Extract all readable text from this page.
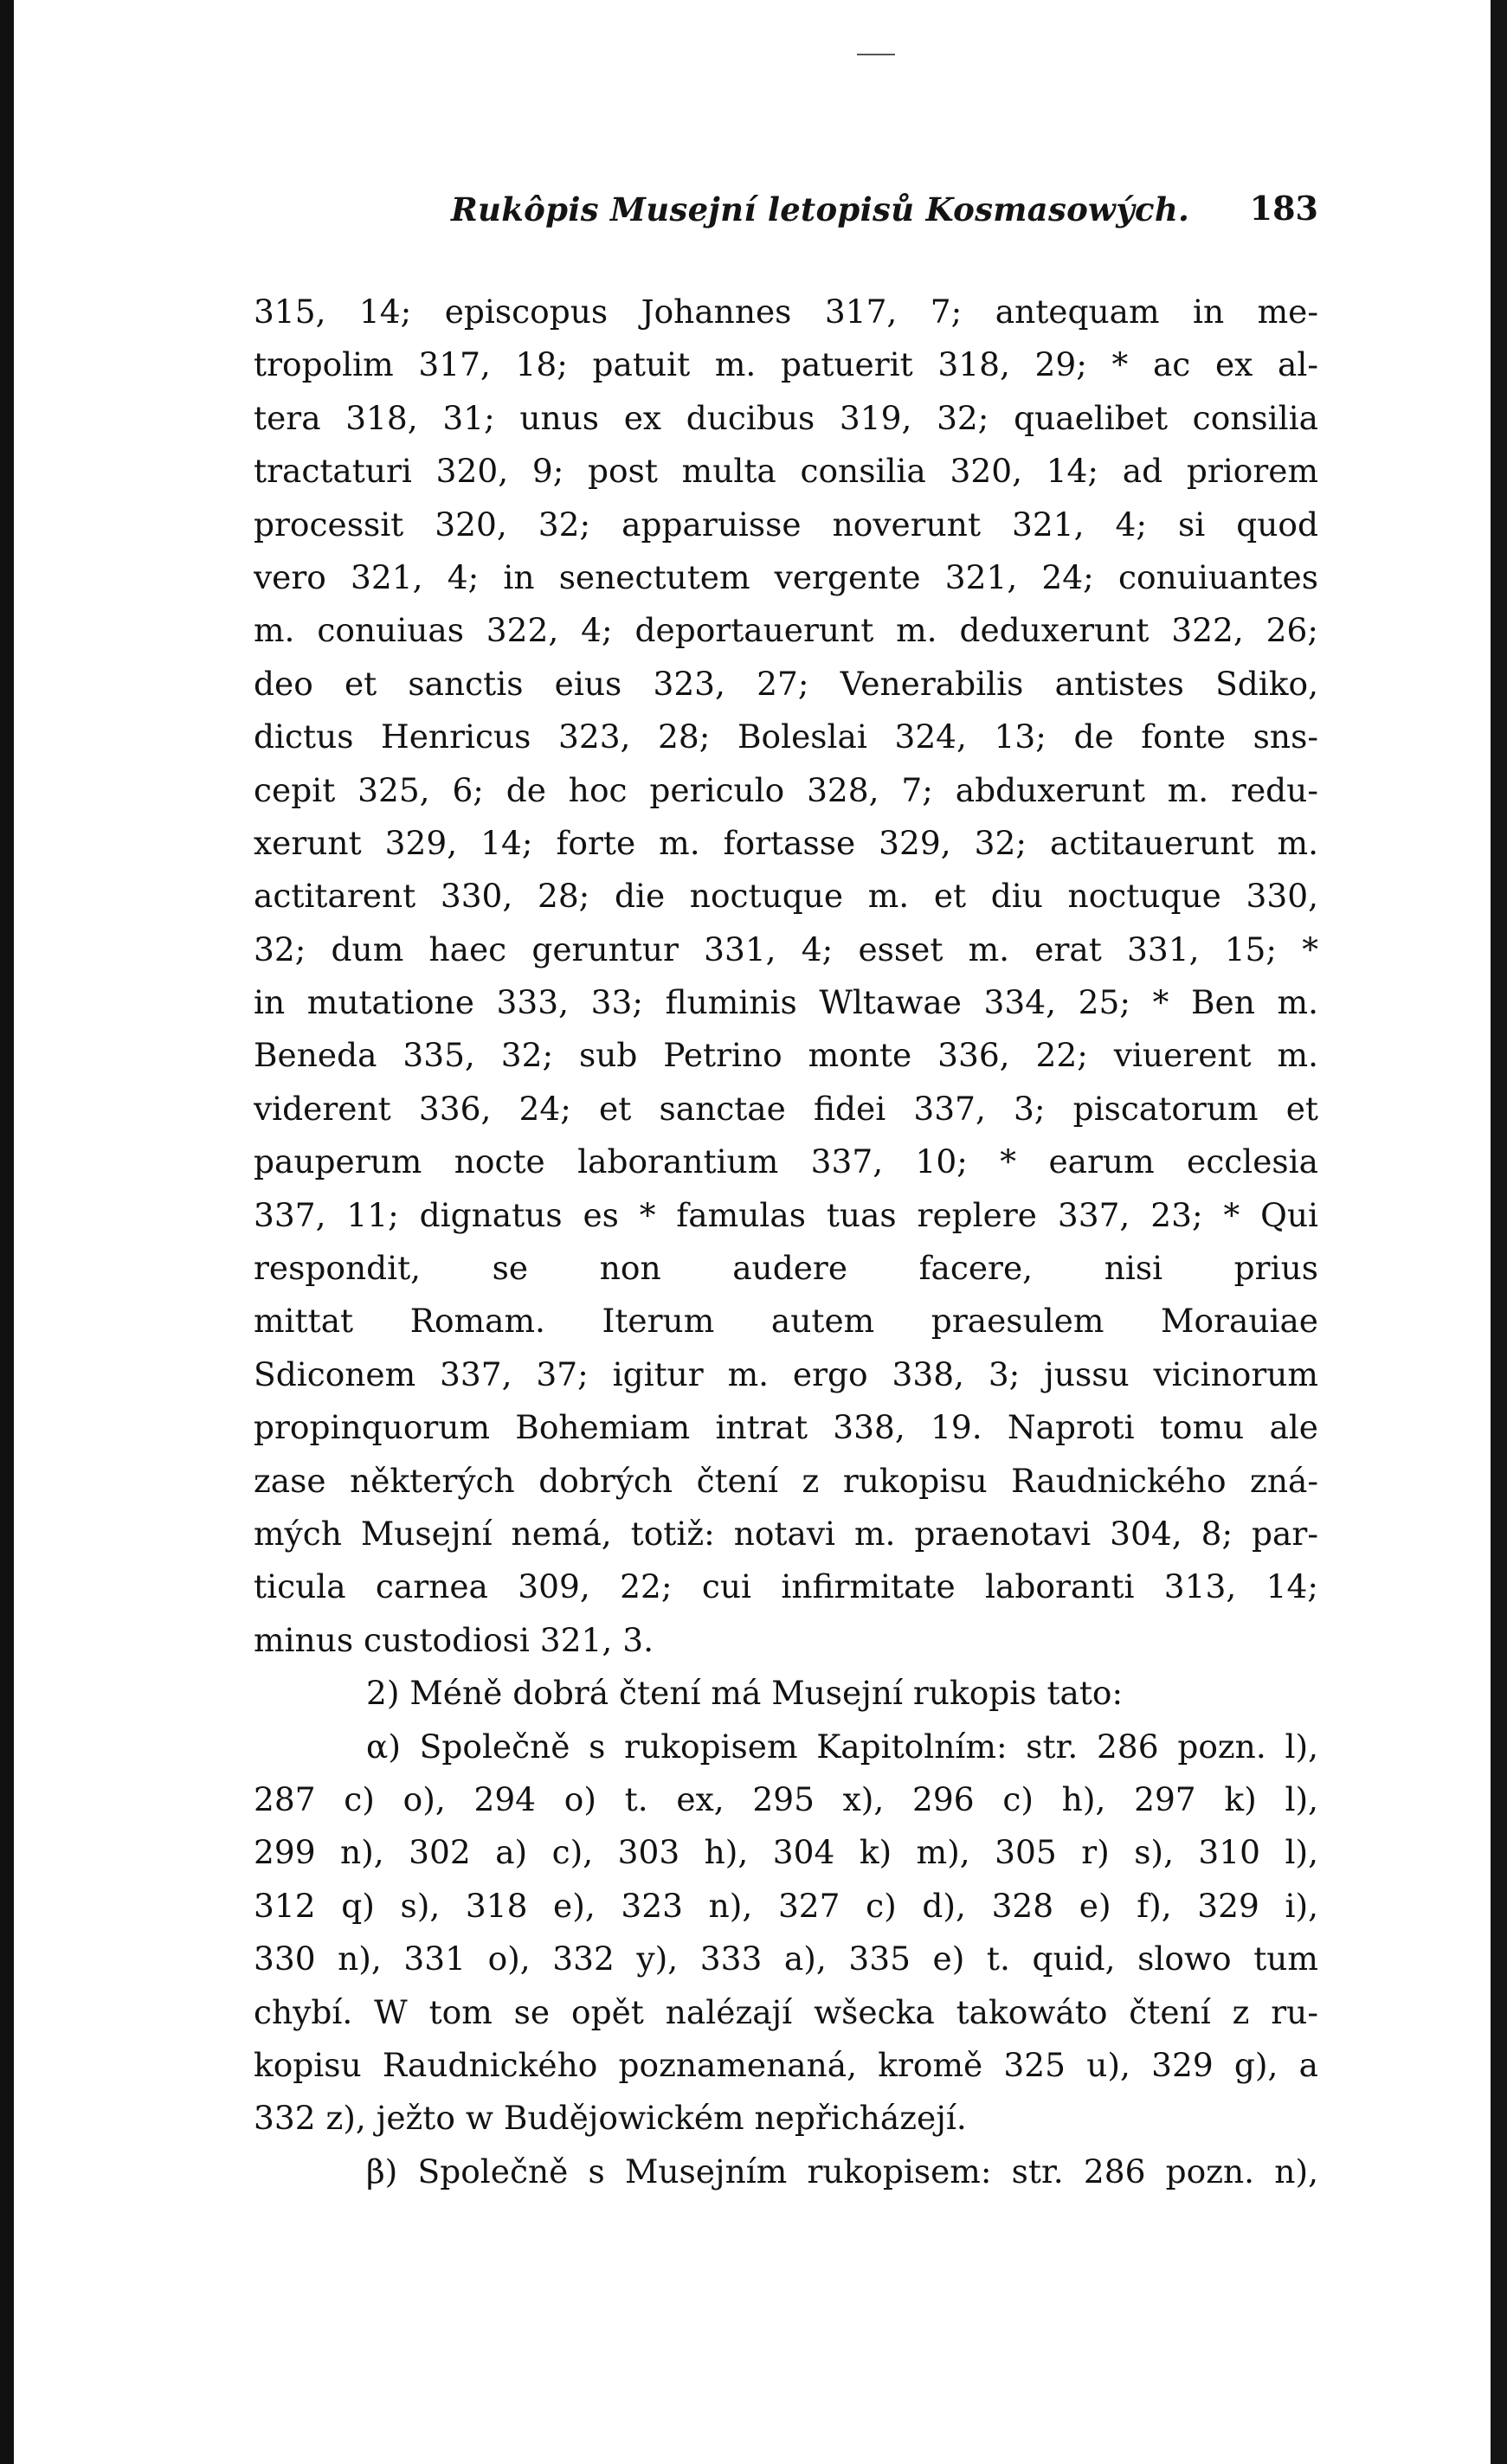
Rukôpis Musejní letopisů Kosmasowých. 183
315, 14; episcopus Johannes 317, 7; antequam in me-
tropolim 317, 18; patuit m. patuerit 318, 29; * ac ex al-
tera 318, 31; unus ex ducibus 319, 32; quaelibet consilia
tractaturi 320, 9; post multa consilia 320, 14; ad priorem
processit 320, 32; apparuisse noverunt 321, 4; si quod
vero 321, 4; in senectutem vergente 321, 24; conuiuantes
m. conuiuas 322, 4; deportauerunt m. deduxerunt 322, 26;
deo et sanctis eius 323, 27; Venerabilis antistes Sdiko,
dictus Henricus 323, 28; Boleslai 324, 13; de fonte sns-
cepit 325, 6; de hoc periculo 328, 7; abduxerunt m. redu-
xerunt 329, 14; forte m. fortasse 329, 32; actitauerunt m.
actitarent 330, 28; die noctuque m. et diu noctuque 330,
32; dum haec geruntur 331, 4; esset m. erat 331, 15; *
in mutatione 333, 33; fluminis Wltawae 334, 25; * Ben m.
Beneda 335, 32; sub Petrino monte 336, 22; viuerent m.
viderent 336, 24; et sanctae fidei 337, 3; piscatorum et
pauperum nocte laborantium 337, 10; * earum ecclesia
337, 11; dignatus es * famulas tuas replere 337, 23; * Qui
respondit, se non audere facere, nisi prius
mittat Romam. Iterum autem praesulem Morauiae
Sdiconem 337, 37; igitur m. ergo 338, 3; jussu vicinorum
propinquorum Bohemiam intrat 338, 19. Naproti tomu ale
zase některých dobrých čtení z rukopisu Raudnického zná-
mých Musejní nemá, totiž: notavi m. praenotavi 304, 8; par-
ticula carnea 309, 22; cui infirmitate laboranti 313, 14;
minus custodiosi 321, 3.
2) Méně dobrá čtení má Musejní rukopis tato:
α) Společně s rukopisem Kapitolním: str. 286 pozn. l),
287 c) o), 294 o) t. ex, 295 x), 296 c) h), 297 k) l),
299 n), 302 a) c), 303 h), 304 k) m), 305 r) s), 310 l),
312 q) s), 318 e), 323 n), 327 c) d), 328 e) f), 329 i),
330 n), 331 o), 332 y), 333 a), 335 e) t. quid, slowo tum
chybí. W tom se opět nalézají wšecka takowáto čtení z ru-
kopisu Raudnického poznamenaná, kromě 325 u), 329 g), a
332 z), ježto w Budějowickém nepřicházejí.
β) Společně s Musejním rukopisem: str. 286 pozn. n),
